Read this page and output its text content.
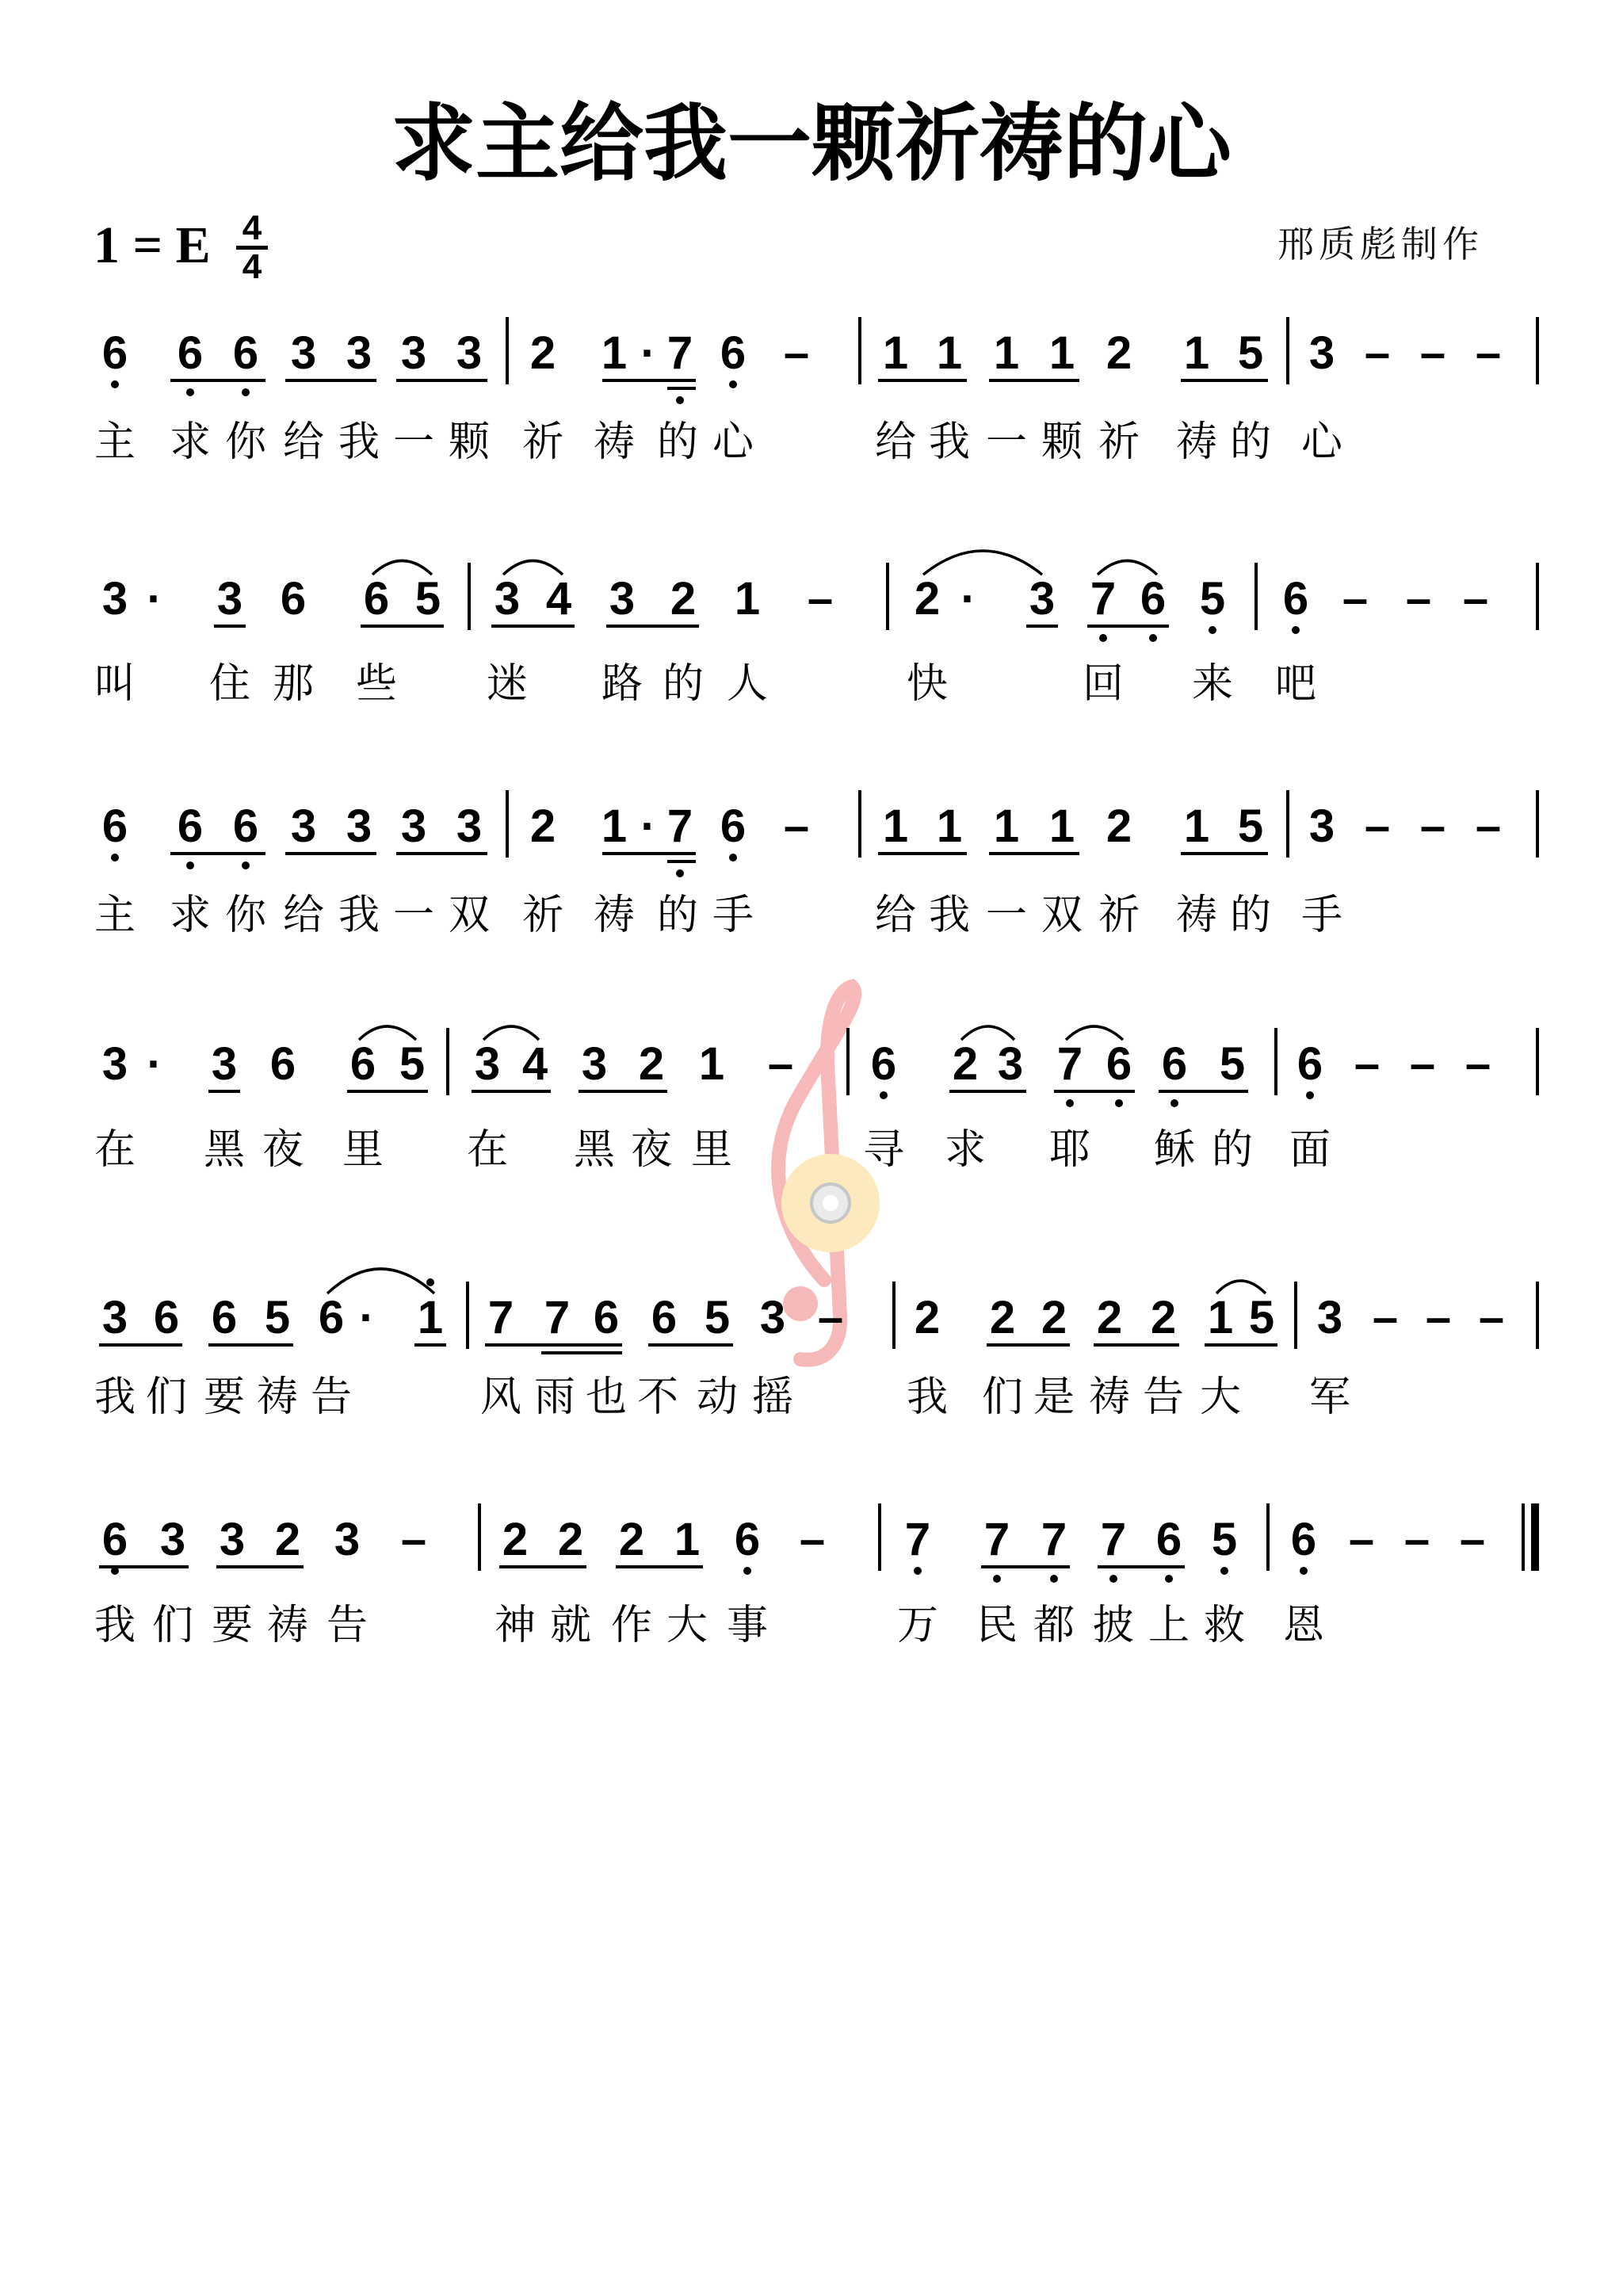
求主给我一颗祈祷的心
1 = E 4
4
邢质彪制作
6 6 6 3 3 3 3 2 1 · 7 6 – 1 1 1 1 2 1 5 3 – – –
主 求 你 给 我 一 颗 祈 祷 的 心	给 我 一 颗 祈 祷 的 心
3 · 3 6 6 5 3 4 3 2 1 – 2 · 3 7 6 5 6 – – –
叫 住 那 些 迷 路 的 人	快	回 来 吧
6 6 6 3 3 3 3 2 1 · 7 6 – 1 1 1 1 2 1 5 3 – – –
主 求 你 给 我 一 双 祈 祷 的 手	给 我 一 双 祈 祷 的 手
3 · 3 6 6 5 3 4 3 2 1 – 6 2 3 7 6 6 5 6 – – –
在 黑 夜 里 在 黑 夜 里	寻 求 耶 稣 的 面
3 6 6 5 6 · 1 7 7 6 6 5 3 – 2 2 2 2 2 1 5 3 – – –
我 们 要 祷 告	风 雨 也 不 动 摇	我 们 是 祷 告 大 军
6 3 3 2 3 – 2 2 2 1 6 – 7 7 7 7 6 5 6 – – –
我 们 要 祷 告	神 就 作 大 事	万 民 都 披 上 救 恩
